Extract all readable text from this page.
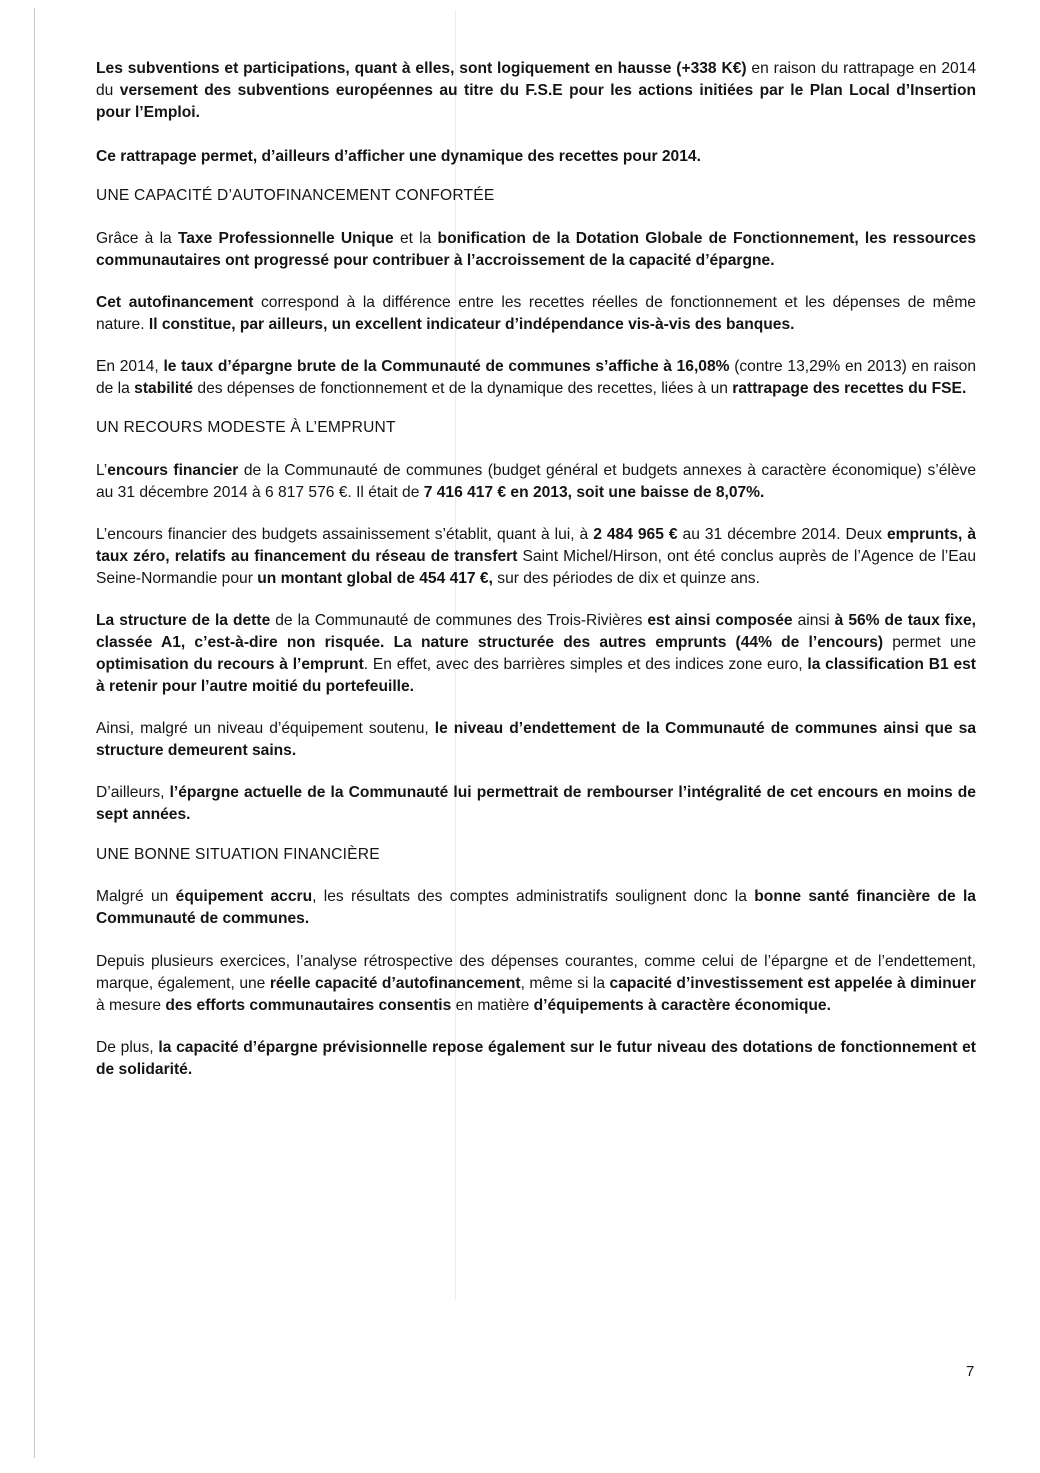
Les subventions et participations, quant à elles, sont logiquement en hausse (+338 K€) en raison du rattrapage en 2014 du versement des subventions européennes au titre du F.S.E pour les actions initiées par le Plan Local d’Insertion pour l’Emploi.

Ce rattrapage permet, d’ailleurs d’afficher une dynamique des recettes pour 2014.

UNE CAPACITÉ D’AUTOFINANCEMENT CONFORTÉE

Grâce à la Taxe Professionnelle Unique et la bonification de la Dotation Globale de Fonctionnement, les ressources communautaires ont progressé pour contribuer à l’accroissement de la capacité d’épargne.

Cet autofinancement correspond à la différence entre les recettes réelles de fonctionnement et les dépenses de même nature. Il constitue, par ailleurs, un excellent indicateur d’indépendance vis-à-vis des banques.

En 2014, le taux d’épargne brute de la Communauté de communes s’affiche à 16,08% (contre 13,29% en 2013) en raison de la stabilité des dépenses de fonctionnement et de la dynamique des recettes, liées à un rattrapage des recettes du FSE.

UN RECOURS MODESTE À L’EMPRUNT

L’encours financier de la Communauté de communes (budget général et budgets annexes à caractère économique) s’élève au 31 décembre 2014 à 6 817 576 €. Il était de 7 416 417 € en 2013, soit une baisse de 8,07%.

L’encours financier des budgets assainissement s’établit, quant à lui, à 2 484 965 € au 31 décembre 2014. Deux emprunts, à taux zéro, relatifs au financement du réseau de transfert Saint Michel/Hirson, ont été conclus auprès de l’Agence de l’Eau Seine-Normandie pour un montant global de 454 417 €, sur des périodes de dix et quinze ans.

La structure de la dette de la Communauté de communes des Trois-Rivières est ainsi composée ainsi à 56% de taux fixe, classée A1, c’est-à-dire non risquée. La nature structurée des autres emprunts (44% de l’encours) permet une optimisation du recours à l’emprunt. En effet, avec des barrières simples et des indices zone euro, la classification B1 est à retenir pour l’autre moitié du portefeuille.

Ainsi, malgré un niveau d’équipement soutenu, le niveau d’endettement de la Communauté de communes ainsi que sa structure demeurent sains.

D’ailleurs, l’épargne actuelle de la Communauté lui permettrait de rembourser l’intégralité de cet encours en moins de sept années.

UNE BONNE SITUATION FINANCIÈRE

Malgré un équipement accru, les résultats des comptes administratifs soulignent donc la bonne santé financière de la Communauté de communes.

Depuis plusieurs exercices, l’analyse rétrospective des dépenses courantes, comme celui de l’épargne et de l’endettement, marque, également, une réelle capacité d’autofinancement, même si la capacité d’investissement est appelée à diminuer à mesure des efforts communautaires consentis en matière d’équipements à caractère économique.

De plus, la capacité d’épargne prévisionnelle repose également sur le futur niveau des dotations de fonctionnement et de solidarité.

7
